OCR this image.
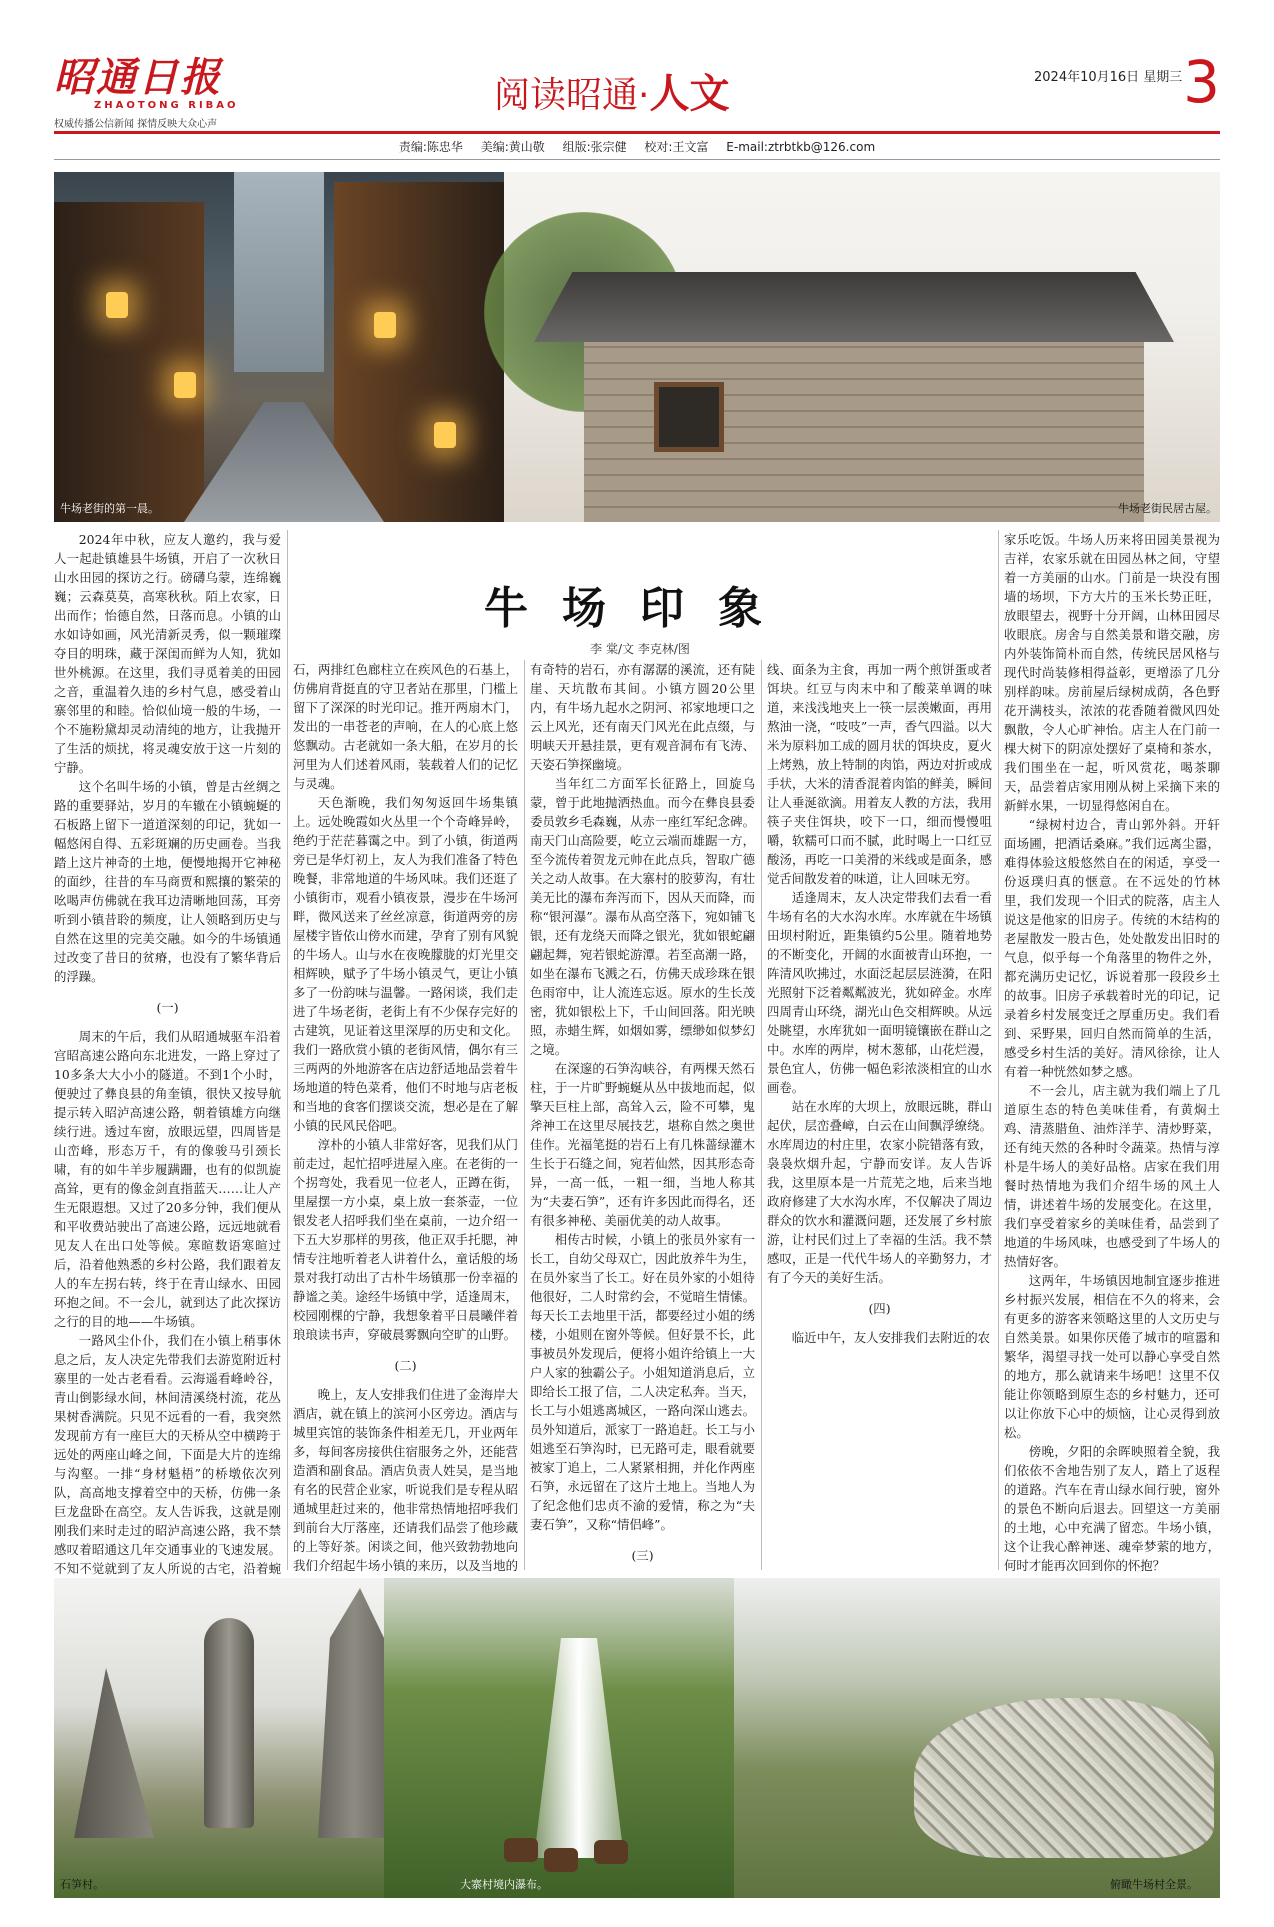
昭通日报
ZHAOTONG RIBAO
权威传播公信新闻 探情反映大众心声
阅读昭通·人文	2024年10月16日 星期三 3
责编:陈忠华 美编:黄山敬 组版:张宗健 校对:王文富 E-mail:ztrbtkb@126.com
牛场老街的第一晨。	牛场老街民居古屋。
牛场印象
李 棠/文 李克林/图

2024年中秋，应友人邀约，我与爱人一起赴镇雄县牛场镇，开启了一次秋日山水田园的探访之行。磅礴乌蒙，连绵巍巍；云森莫莫，高寒秋秋。陌上农家，日出而作；怡德自然，日落而息。小镇的山水如诗如画，风光清新灵秀，似一颗璀璨夺目的明珠，藏于深闺而鲜为人知，犹如世外桃源。在这里，我们寻觅着美的田园之音，重温着久违的乡村气息，感受着山寨邻里的和睦。恰似仙境一般的牛场，一个不施粉黛却灵动清纯的地方，让我抛开了生活的烦扰，将灵魂安放于这一片刻的宁静。

这个名叫牛场的小镇，曾是古丝绸之路的重要驿站，岁月的车辙在小镇蜿蜒的石板路上留下一道道深刻的印记，犹如一幅悠闲自得、五彩斑斓的历史画卷。当我踏上这片神奇的土地，便慢地揭开它神秘的面纱，往昔的车马商贾和熙攘的繁荣的吆喝声仿佛就在我耳边清晰地回荡，耳旁听到小镇昔聆的频度，让人领略到历史与自然在这里的完美交融。如今的牛场镇通过改变了昔日的贫瘠，也没有了繁华背后的浮躁。

(一)

周末的午后，我们从昭通城驱车沿着宫昭高速公路向东北进发，一路上穿过了10多条大大小小的隧道。不到1个小时，便驶过了彝良县的角奎镇，很快又按导航提示转入昭泸高速公路，朝着镇雄方向继续行进。透过车窗，放眼远望，四周皆是山峦峰，形态万千，有的像骏马引颈长啸，有的如牛羊步履蹒跚，也有的似凯旋高耸，更有的像金剑直指蓝天……让人产生无限遐想。又过了20多分钟，我们便从和平收费站驶出了高速公路，远远地就看见友人在出口处等候。寒暄数语寒暄过后，沿着他熟悉的乡村公路，我们跟着友人的车左拐右转，终于在青山绿水、田园环抱之间。不一会儿，就到达了此次探访之行的目的地——牛场镇。

一路风尘仆仆，我们在小镇上稍事休息之后，友人决定先带我们去游览附近村寨里的一处古老看看。云海遥看峰岭谷，青山倒影绿水间，林间清溪绕村流，花丛果树香满院。只见不远看的一看，我突然发现前方有一座巨大的天桥从空中横跨于远处的两座山峰之间，下面是大片的连绵与沟壑。一排“身材魁梧”的桥墩依次列队，高高地支撑着空中的天桥，仿佛一条巨龙盘卧在高空。友人告诉我，这就是刚刚我们来时走过的昭泸高速公路，我不禁感叹着昭通这几年交通事业的飞速发展。不知不觉就到了友人所说的古宅，沿着蜿

石，两排红色廊柱立在疾风色的石基上，仿佛肩背挺直的守卫者站在那里，门槛上留下了深深的时光印记。推开两扇木门，发出的一串苍老的声响，在人的心底上悠悠飘动。古老就如一条大船，在岁月的长河里为人们述着风雨，装载着人们的记忆与灵魂。

天色渐晚，我们匆匆返回牛场集镇上。远处晚霞如火丛里一个个奇峰异岭，绝约于茫茫暮霭之中。到了小镇，街道两旁已是华灯初上，友人为我们准备了特色晚餐，非常地道的牛场风味。我们还逛了小镇街市，观看小镇夜景，漫步在牛场河畔，微风送来了丝丝凉意，街道两旁的房屋楼宇皆依山傍水而建，孕育了别有风貌的牛场人。山与水在夜晚朦胧的灯光里交相辉映，赋予了牛场小镇灵气，更让小镇多了一份韵味与温馨。一路闲谈，我们走进了牛场老街，老街上有不少保存完好的古建筑，见证着这里深厚的历史和文化。我们一路欣赏小镇的老街风情，偶尔有三三两两的外地游客在店边舒适地品尝着牛场地道的特色菜肴，他们不时地与店老板和当地的食客们摆谈交流，想必是在了解小镇的民风民俗吧。

淳朴的小镇人非常好客，见我们从门前走过，起忙招呼进屋入座。在老街的一个拐弯处，我看见一位老人，正蹲在街，里屋摆一方小桌，桌上放一套茶壶，一位银发老人招呼我们坐在桌前，一边介绍一下五大岁那样的男孩，他正双手托腮，神情专注地听着老人讲着什么，童话般的场景对我打动出了古朴牛场镇那一份幸福的静谧之美。途经牛场镇中学，适逢周末，校园刚棵的宁静，我想象着平日晨曦伴着琅琅读书声，穿破晨雾飘向空旷的山野。

(二)

晚上，友人安排我们住进了金海岸大酒店，就在镇上的滨河小区旁边。酒店与城里宾馆的装饰条件相差无几，开业两年多，每间客房接供住宿服务之外，还能营造酒和副食品。酒店负责人姓吴，是当地有名的民营企业家，听说我们是专程从昭通城里赶过来的，他非常热情地招呼我们到前台大厅落座，还请我们品尝了他珍藏的上等好茶。闲谈之间，他兴致勃勃地向我们介绍起牛场小镇的来历，以及当地的

有奇特的岩石，亦有潺潺的溪流，还有陡崖、天坑散布其间。小镇方圆20公里内，有牛场九起水之阴河、祁家地埂口之云上风光，还有南天门风光在此点缀，与明峡天开悬挂景，更有观音洞布有飞涛、天姿石笋探幽境。

当年红二方面军长征路上，回旋乌蒙，曾于此地抛洒热血。而今在彝良县委委员敦乡毛森巍，从赤一座红军纪念碑。南天门山高险要，屹立云端而雄踞一方，至今流传着贺龙元帅在此点兵，智取广德关之动人故事。在大寨村的胶萝沟，有壮美无比的瀑布奔泻而下，因从天而降，而称“银河瀑”。瀑布从高空落下，宛如铺飞银，还有龙绕天而降之银光，犹如银蛇翩翩起舞，宛若银蛇游潭。若至高潮一路，如坐在瀑布飞溅之石，仿佛天成珍珠在银色雨帘中，让人流连忘返。原水的生长茂密，犹如银松上下，千山间回落。阳光映照，赤蜡生辉，如烟如雾，缥缈如似梦幻之境。

在深邃的石笋沟峡谷，有两棵天然石柱，于一片旷野蜿蜒从丛中拔地而起，似擎天巨柱上部，高耸入云，险不可攀，鬼斧神工在这里尽展技艺，堪称自然之奥世佳作。光福笔挺的岩石上有几株蔷绿灌木生长于石缝之间，宛若仙然，因其形态奇异，一高一低，一粗一细，当地人称其为“夫妻石笋”，还有许多因此而得名，还有很多神秘、美丽优美的动人故事。

相传古时候，小镇上的张员外家有一长工，自幼父母双亡，因此放养牛为生，在员外家当了长工。好在员外家的小姐待他很好，二人时常约会，不觉暗生情愫。每天长工去地里干活，都要经过小姐的绣楼，小姐则在窗外等候。但好景不长，此事被员外发现后，便将小姐许给镇上一大户人家的独霸公子。小姐知道消息后，立即给长工报了信，二人决定私奔。当天，长工与小姐逃离城区，一路向深山逃去。员外知道后，派家丁一路追赶。长工与小姐逃至石笋沟时，已无路可走，眼看就要被家丁追上，二人紧紧相拥，并化作两座石笋，永远留在了这片土地上。当地人为了纪念他们忠贞不渝的爱情，称之为“夫妻石笋”，又称“情侣峰”。

(三)

线、面条为主食，再加一两个煎饼蛋或者饵块。红豆与肉末中和了酸菜单调的味道，来浅浅地夹上一筷一层羡嫩面，再用熬油一浇，“吱吱”一声，香气四溢。以大米为原料加工成的圆月状的饵块皮，夏火上烤熟，放上特制的肉馅，两边对折或成手状，大米的清香混着肉馅的鲜美，瞬间让人垂涎欲滴。用着友人教的方法，我用筷子夹住饵块，咬下一口，细而慢慢咀嚼，软糯可口而不腻，此时喝上一口红豆酸汤，再吃一口美滑的米线或是面条，感觉舌间散发着的味道，让人回味无穷。

适逢周末，友人决定带我们去看一看牛场有名的大水沟水库。水库就在牛场镇田坝村附近，距集镇约5公里。随着地势的不断变化，开阔的水面被青山环抱，一阵清风吹拂过，水面泛起层层涟漪，在阳光照射下泛着粼粼波光，犹如碎金。水库四周青山环绕，湖光山色交相辉映。从远处眺望，水库犹如一面明镜镶嵌在群山之中。水库的两岸，树木葱郁，山花烂漫，景色宜人，仿佛一幅色彩浓淡相宜的山水画卷。

站在水库的大坝上，放眼远眺，群山起伏，层峦叠嶂，白云在山间飘浮缭绕。水库周边的村庄里，农家小院错落有致，袅袅炊烟升起，宁静而安详。友人告诉我，这里原本是一片荒芜之地，后来当地政府修建了大水沟水库，不仅解决了周边群众的饮水和灌溉问题，还发展了乡村旅游，让村民们过上了幸福的生活。我不禁感叹，正是一代代牛场人的辛勤努力，才有了今天的美好生活。

(四)

临近中午，友人安排我们去附近的农

家乐吃饭。牛场人历来将田园美景视为吉祥，农家乐就在田园丛林之间，守望着一方美丽的山水。门前是一块没有围墙的场坝，下方大片的玉米长势正旺，放眼望去，视野十分开阔，山林田园尽收眼底。房舍与自然美景和谐交融，房内外装饰简朴而自然，传统民居风格与现代时尚装修相得益彰，更增添了几分别样韵味。房前屋后绿树成荫，各色野花开满枝头，浓浓的花香随着微风四处飘散，令人心旷神怡。店主人在门前一棵大树下的阴凉处摆好了桌椅和茶水，我们围坐在一起，听风赏花，喝茶聊天，品尝着店家用刚从树上采摘下来的新鲜水果，一切显得悠闲自在。

“绿树村边合，青山郭外斜。开轩面场圃，把酒话桑麻。”我们远离尘嚣，难得体验这般悠然自在的闲适，享受一份返璞归真的惬意。在不远处的竹林里，我们发现一个旧式的院落，店主人说这是他家的旧房子。传统的木结构的老屋散发一股古色，处处散发出旧时的气息，似乎每一个角落里的物件之外，都充满历史记忆，诉说着那一段段乡土的故事。旧房子承载着时光的印记，记录着乡村发展变迁之厚重历史。我们看到、采野果，回归自然而简单的生活，感受乡村生活的美好。清风徐徐，让人有着一种恍然如梦之感。

不一会儿，店主就为我们端上了几道原生态的特色美味佳肴，有黄焖土鸡、清蒸腊鱼、油炸洋芋、清炒野菜，还有纯天然的各种时令蔬菜。热情与淳朴是牛场人的美好品格。店家在我们用餐时热情地为我们介绍牛场的风土人情，讲述着牛场的发展变化。在这里，我们享受着家乡的美味佳肴，品尝到了地道的牛场风味，也感受到了牛场人的热情好客。

这两年，牛场镇因地制宜逐步推进乡村振兴发展，相信在不久的将来，会有更多的游客来领略这里的人文历史与自然美景。如果你厌倦了城市的喧嚣和繁华，渴望寻找一处可以静心享受自然的地方，那么就请来牛场吧！这里不仅能让你领略到原生态的乡村魅力，还可以让你放下心中的烦恼，让心灵得到放松。

傍晚，夕阳的余晖映照着全貌，我们依依不舍地告别了友人，踏上了返程的道路。汽车在青山绿水间行驶，窗外的景色不断向后退去。回望这一方美丽的土地，心中充满了留恋。牛场小镇，这个让我心醉神迷、魂牵梦萦的地方，何时才能再次回到你的怀抱？

石笋村。	大寨村境内瀑布。	俯瞰牛场村全景。
